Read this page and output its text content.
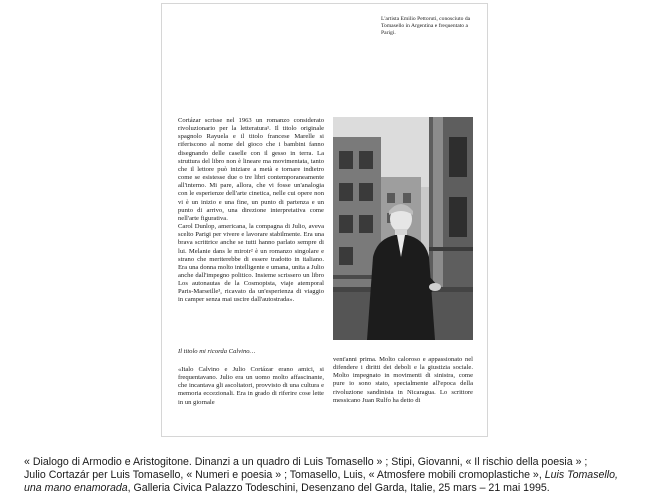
L'artista Emilio Pettoruti, conosciuto da Tomasello in Argentina e frequentato a Parigi.

Cortázar scrisse nel 1963 un romanzo considerato rivoluzionario per la letteratura¹. Il titolo originale spagnolo Rayuela e il titolo francese Marelle si riferiscono al nome del gioco che i bambini fanno disegnando delle caselle con il gesso in terra. La struttura del libro non è lineare ma movimentata, tanto che il lettore può iniziare a metà e tornare indietro come se esistesse due o tre libri contemporaneamente all'interno. Mi pare, allora, che vi fosse un'analogia con le esperienze dell'arte cinetica, nelle cui opere non vi è un inizio e una fine, un punto di partenza e un punto di arrivo, una direzione interpretativa come nell'arte figurativa.

Carol Dunlop, americana, la compagna di Julio, aveva scelto Parigi per vivere e lavorare stabilmente. Era una brava scrittrice anche se tutti hanno parlato sempre di lui. Melanie dans le miroir² è un romanzo singolare e strano che meriterebbe di essere tradotto in italiano. Era una donna molto intelligente e umana, unita a Julio anche dall'impegno politico. Insieme scrissero un libro Los autonautas de la Cosmopista, viaje atemporal Paris-Marseille³, ricavato da un'esperienza di viaggio in camper senza mai uscire dall'autostrada».

Il titolo mi ricorda Calvino…

«Italo Calvino e Julio Cortázar erano amici, si frequentavano. Julio era un uomo molto affascinante, che incantava gli ascoltatori, provvisto di una cultura e memoria eccezionali. Era in grado di riferire cose lette in un giornale

vent'anni prima. Molto caloroso e appassionato nel difendere i diritti dei deboli e la giustizia sociale. Molto impegnato in movimenti di sinistra, come pure io sono stato, specialmente all'epoca della rivoluzione sandinista in Nicaragua. Lo scrittore messicano Juan Rulfo ha detto di

« Dialogo di Armodio e Aristogitone. Dinanzi a un quadro di Luis Tomasello » ; Stipi, Giovanni, « Il rischio della poesia » ;
Julio Cortazár per Luis Tomasello, « Numeri e poesia » ; Tomasello, Luis, « Atmosfere mobili cromoplastiche », Luis Tomasello,
una mano enamorada, Galleria Civica Palazzo Todeschini, Desenzano del Garda, Italie, 25 mars – 21 mai 1995.
